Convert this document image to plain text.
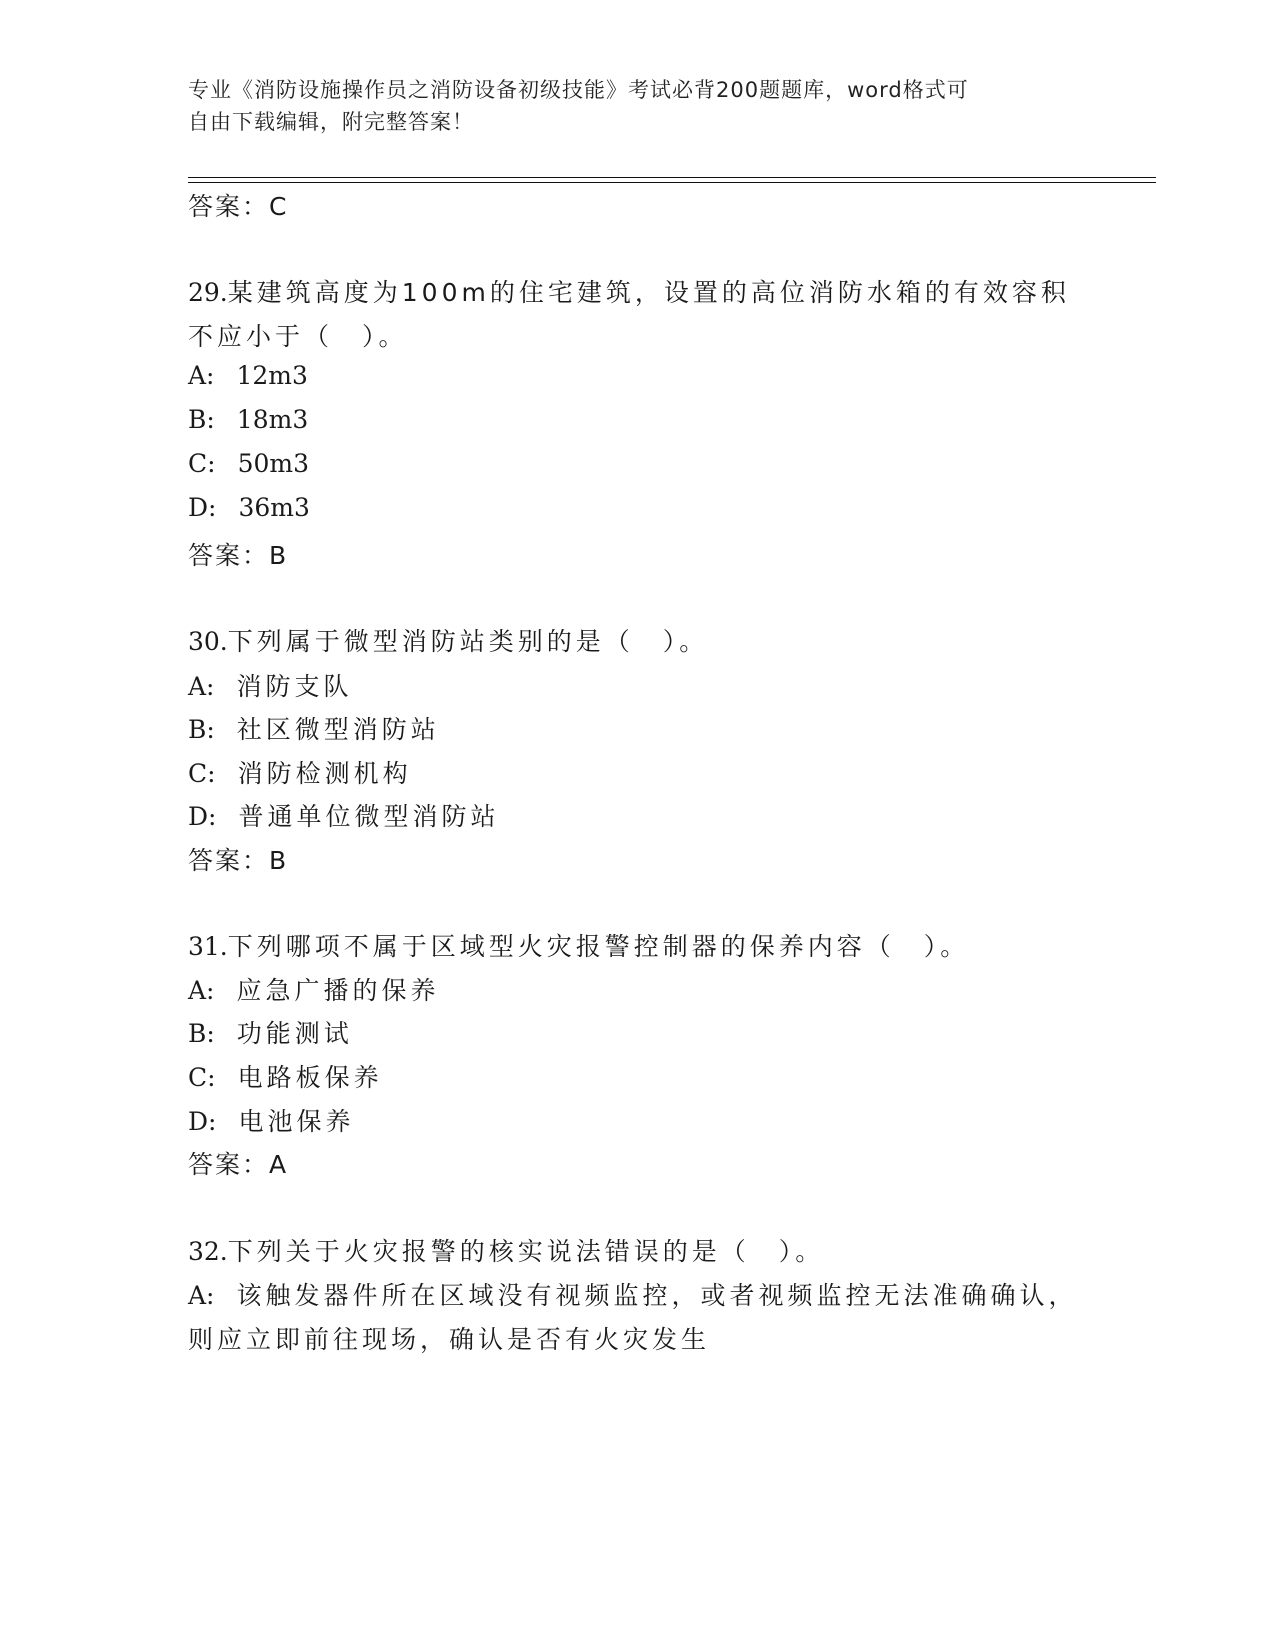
专业《消防设施操作员之消防设备初级技能》考试必背200题题库，word格式可

自由下载编辑，附完整答案！

答案：C
29.某建筑高度为100m的住宅建筑，设置的高位消防水箱的有效容积
不应小于（　）。
A: 12m3
B: 18m3
C: 50m3
D: 36m3
答案：B
30.下列属于微型消防站类别的是（　）。
A: 消防支队
B: 社区微型消防站
C: 消防检测机构
D: 普通单位微型消防站
答案：B
31.下列哪项不属于区域型火灾报警控制器的保养内容（　）。
A: 应急广播的保养
B: 功能测试
C: 电路板保养
D: 电池保养
答案：A
32.下列关于火灾报警的核实说法错误的是（　）。
A: 该触发器件所在区域没有视频监控，或者视频监控无法准确确认，
则应立即前往现场，确认是否有火灾发生
